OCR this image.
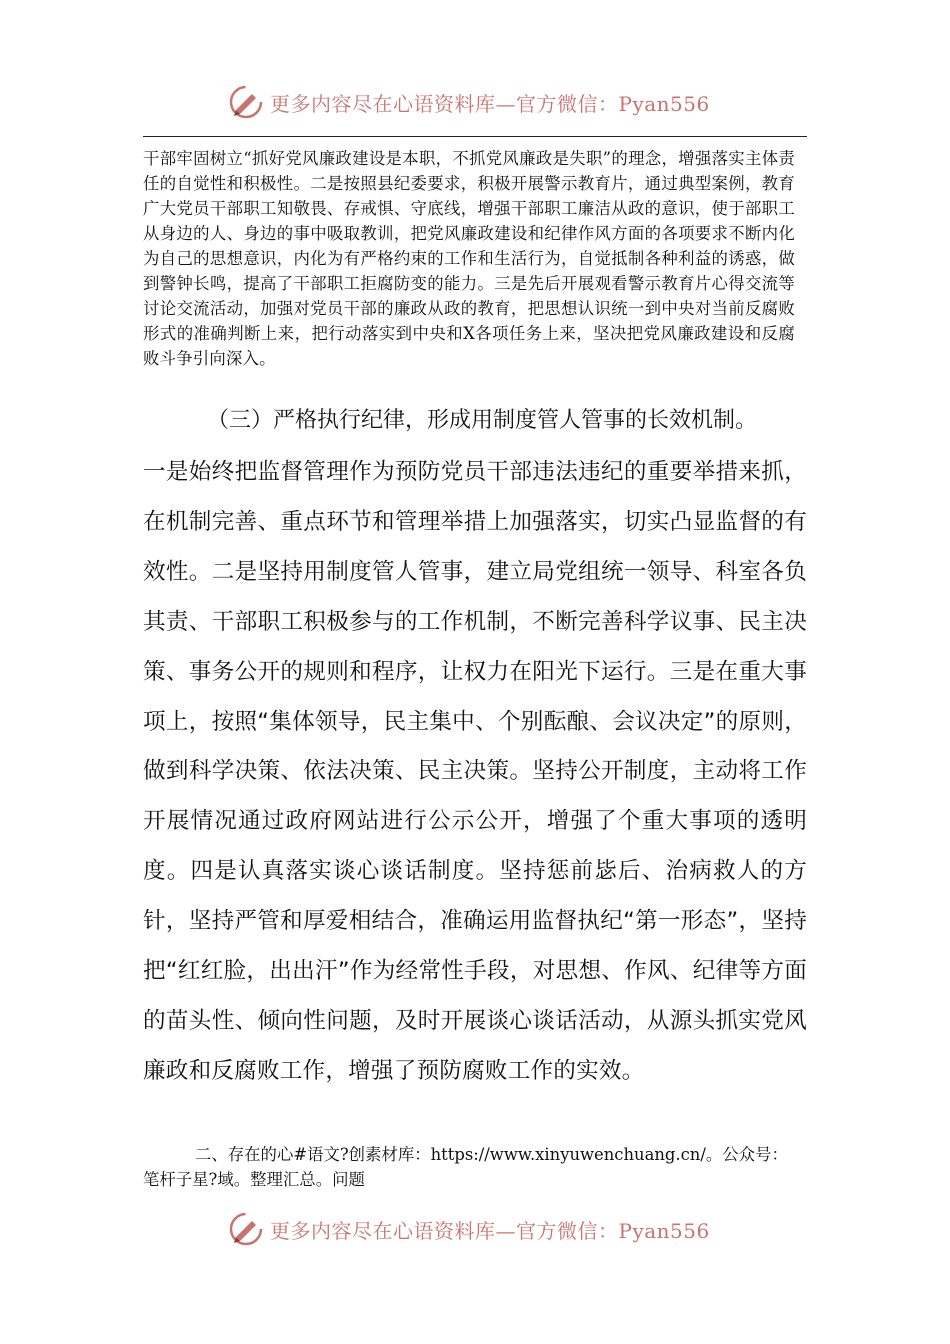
更多内容尽在心语资料库—官方微信：Pyan556

干部牢固树立“抓好党风廉政建设是本职，不抓党风廉政是失职”的理念，增强落实主体责任的自觉性和积极性。二是按照县纪委要求，积极开展警示教育片，通过典型案例，教育广大党员干部职工知敬畏、存戒惧、守底线，增强干部职工廉洁从政的意识，使于部职工从身边的人、身边的事中吸取教训，把党风廉政建设和纪律作风方面的各项要求不断内化为自己的思想意识，内化为有严格约束的工作和生活行为，自觉抵制各种利益的诱惑，做到警钟长鸣，提高了干部职工拒腐防变的能力。三是先后开展观看警示教育片心得交流等讨论交流活动，加强对党员干部的廉政从政的教育，把思想认识统一到中央对当前反腐败形式的准确判断上来，把行动落实到中央和X各项任务上来，坚决把党风廉政建设和反腐败斗争引向深入。

（三）严格执行纪律，形成用制度管人管事的长效机制。

一是始终把监督管理作为预防党员干部违法违纪的重要举措来抓，在机制完善、重点环节和管理举措上加强落实，切实凸显监督的有效性。二是坚持用制度管人管事，建立局党组统一领导、科室各负其责、干部职工积极参与的工作机制，不断完善科学议事、民主决策、事务公开的规则和程序，让权力在阳光下运行。三是在重大事项上，按照“集体领导，民主集中、个别酝酿、会议决定”的原则，做到科学决策、依法决策、民主决策。坚持公开制度，主动将工作开展情况通过政府网站进行公示公开，增强了个重大事项的透明度。四是认真落实谈心谈话制度。坚持惩前毖后、治病救人的方针，坚持严管和厚爱相结合，准确运用监督执纪“第一形态”，坚持把“红红脸，出出汗”作为经常性手段，对思想、作风、纪律等方面的苗头性、倾向性问题，及时开展谈心谈话活动，从源头抓实党风廉政和反腐败工作，增强了预防腐败工作的实效。

二、存在的心#语文?创素材库：https://www.xinyuwenchuang.cn/。公众号：笔杆子星?域。整理汇总。问题

更多内容尽在心语资料库—官方微信：Pyan556
